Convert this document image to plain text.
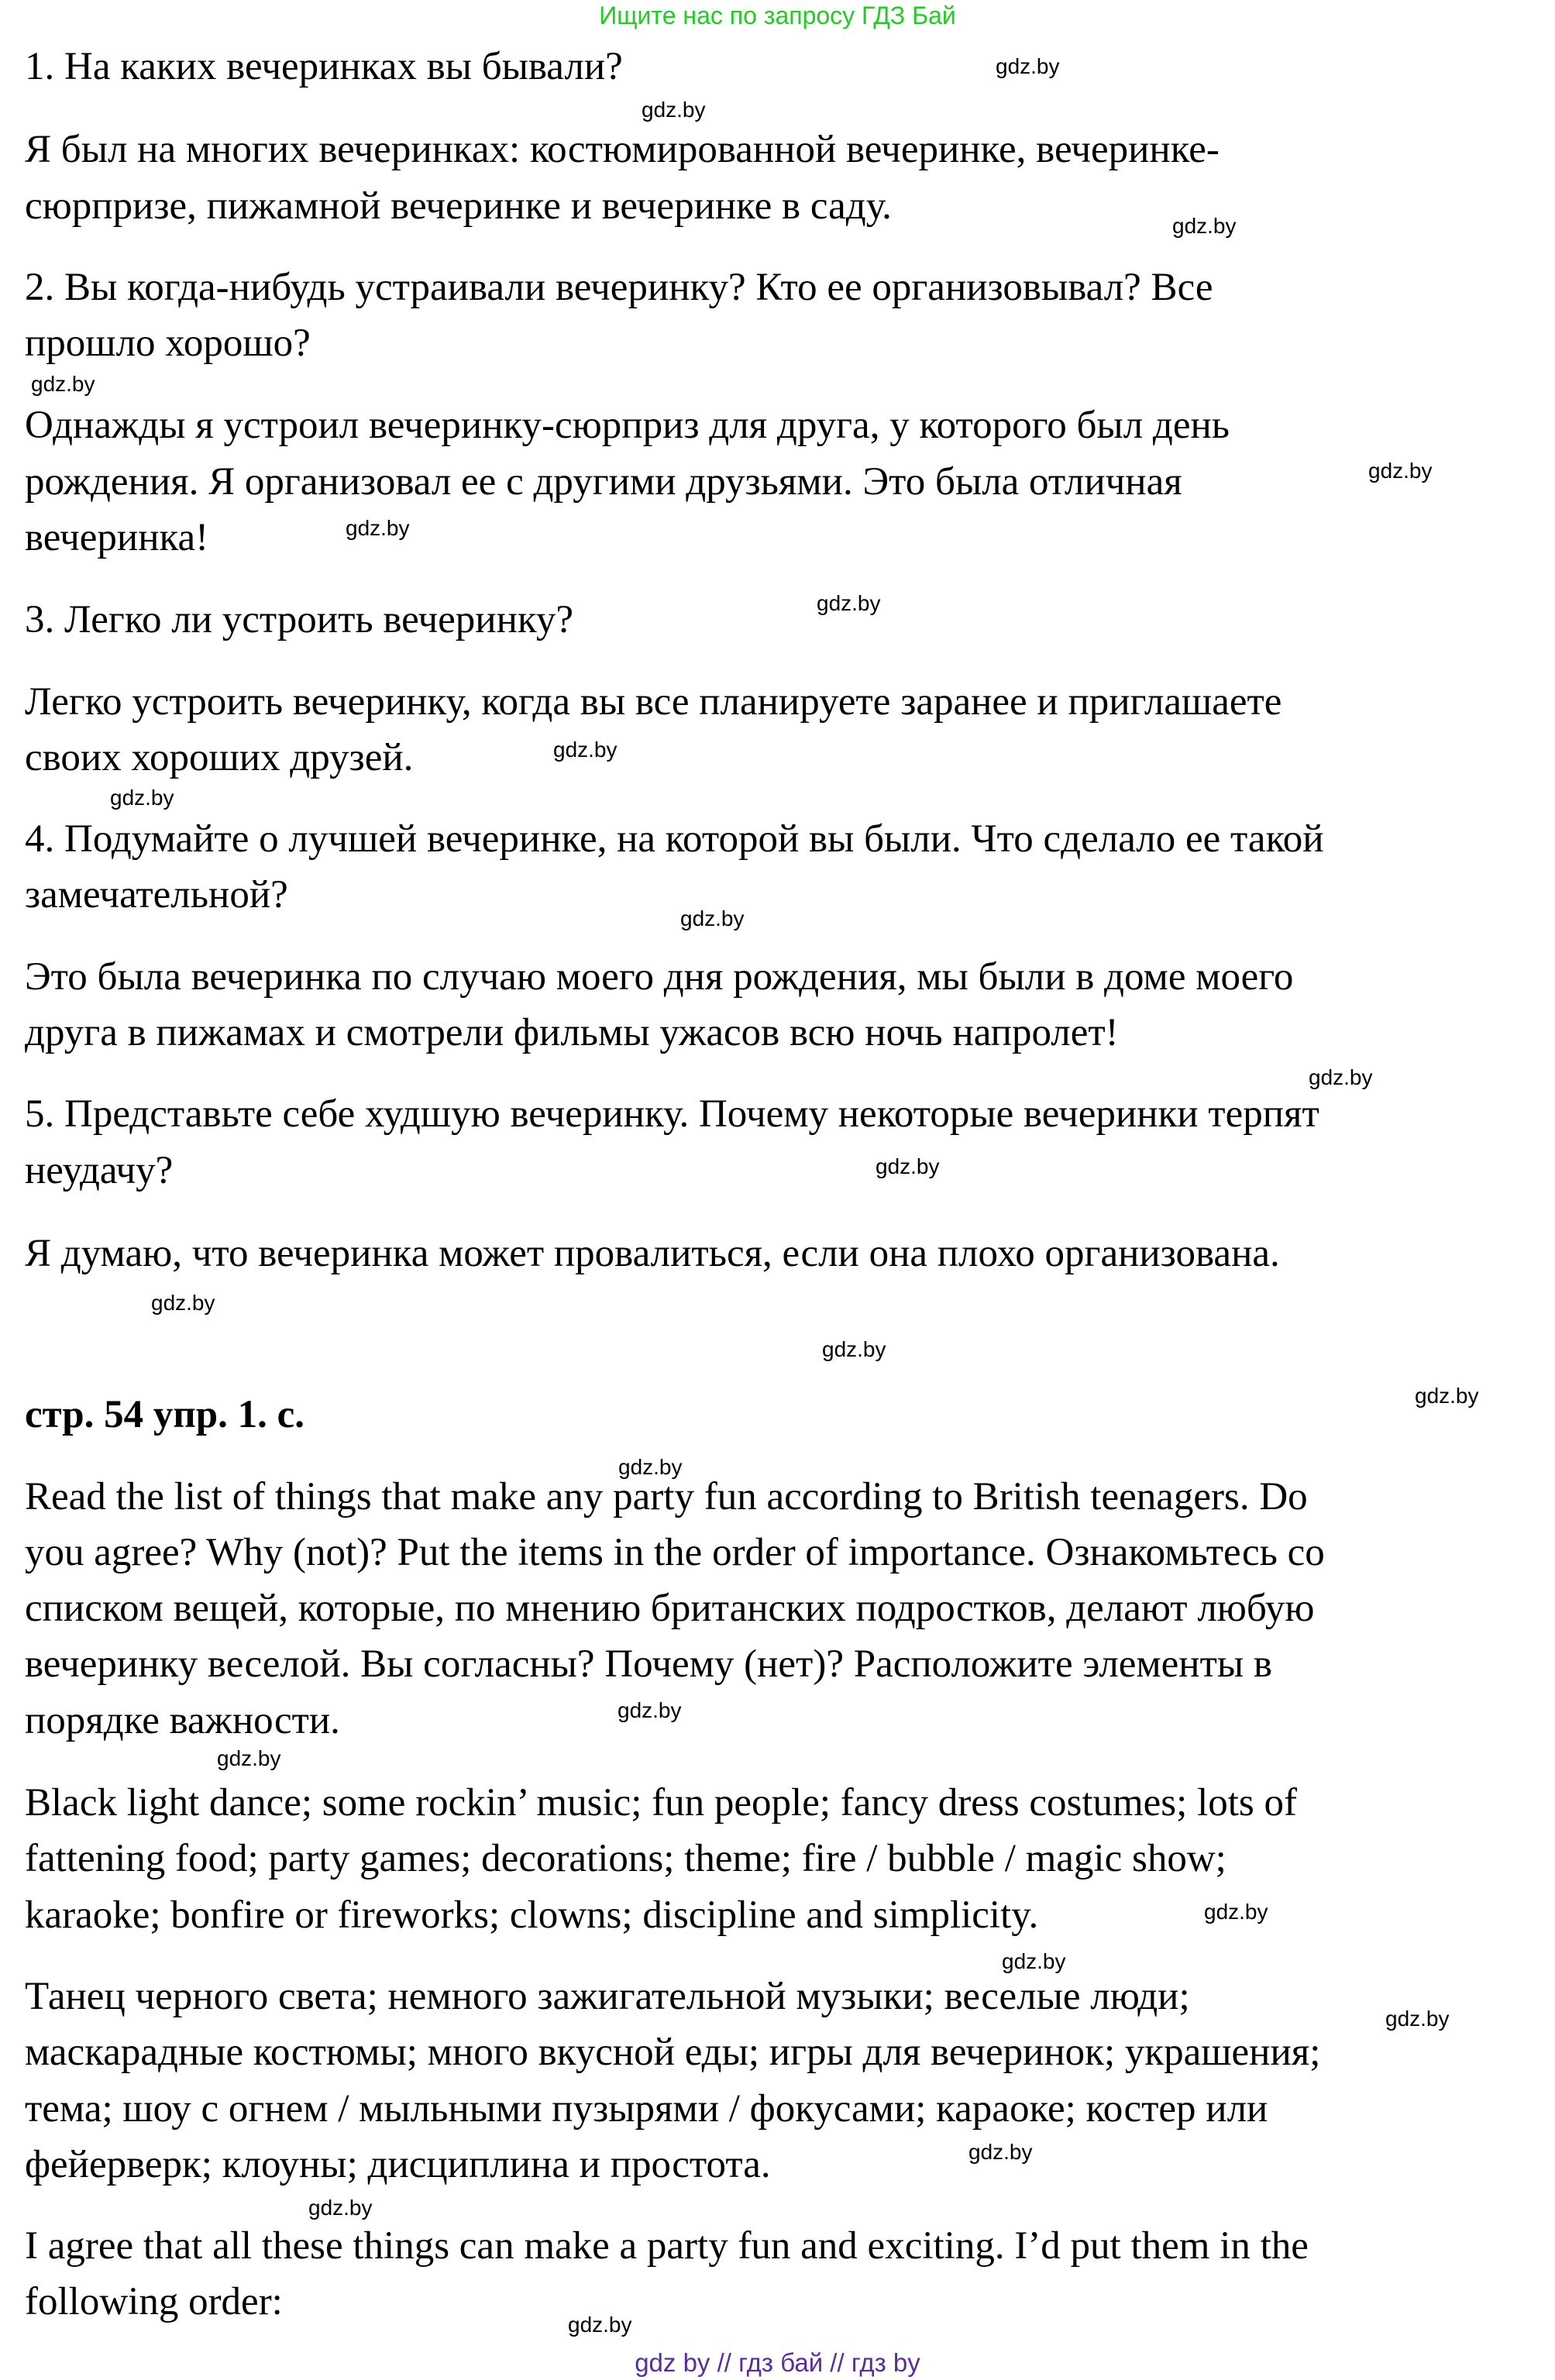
Ищите нас по запросу ГДЗ Бай

1. На каких вечеринках вы бывали?

Я был на многих вечеринках: костюмированной вечеринке, вечеринке-

сюрпризе, пижамной вечеринке и вечеринке в саду.

2. Вы когда-нибудь устраивали вечеринку? Кто ее организовывал? Все

прошло хорошо?

Однажды я устроил вечеринку-сюрприз для друга, у которого был день

рождения. Я организовал ее с другими друзьями. Это была отличная

вечеринка!

3. Легко ли устроить вечеринку?

Легко устроить вечеринку, когда вы все планируете заранее и приглашаете

своих хороших друзей.

4. Подумайте о лучшей вечеринке, на которой вы были. Что сделало ее такой

замечательной?

Это была вечеринка по случаю моего дня рождения, мы были в доме моего

друга в пижамах и смотрели фильмы ужасов всю ночь напролет!

5. Представьте себе худшую вечеринку. Почему некоторые вечеринки терпят

неудачу?

Я думаю, что вечеринка может провалиться, если она плохо организована.

стр. 54 упр. 1. c.

Read the list of things that make any party fun according to British teenagers. Do

you agree? Why (not)? Put the items in the order of importance. Ознакомьтесь со

списком вещей, которые, по мнению британских подростков, делают любую

вечеринку веселой. Вы согласны? Почему (нет)? Расположите элементы в

порядке важности.

Black light dance; some rockin’ music; fun people; fancy dress costumes; lots of

fattening food; party games; decorations; theme; fire / bubble / magic show;

karaoke; bonfire or fireworks; clowns; discipline and simplicity.

Танец черного света; немного зажигательной музыки; веселые люди;

маскарадные костюмы; много вкусной еды; игры для вечеринок; украшения;

тема; шоу с огнем / мыльными пузырями / фокусами; караоке; костер или

фейерверк; клоуны; дисциплина и простота.

I agree that all these things can make a party fun and exciting. I’d put them in the

following order:

gdz.by
gdz.by
gdz.by
gdz.by
gdz.by
gdz.by
gdz.by
gdz.by
gdz.by
gdz.by
gdz.by
gdz.by
gdz.by
gdz.by
gdz.by
gdz.by
gdz.by
gdz.by
gdz.by
gdz.by
gdz.by
gdz.by
gdz.by
gdz.by
gdz by // гдз бай // гдз by
